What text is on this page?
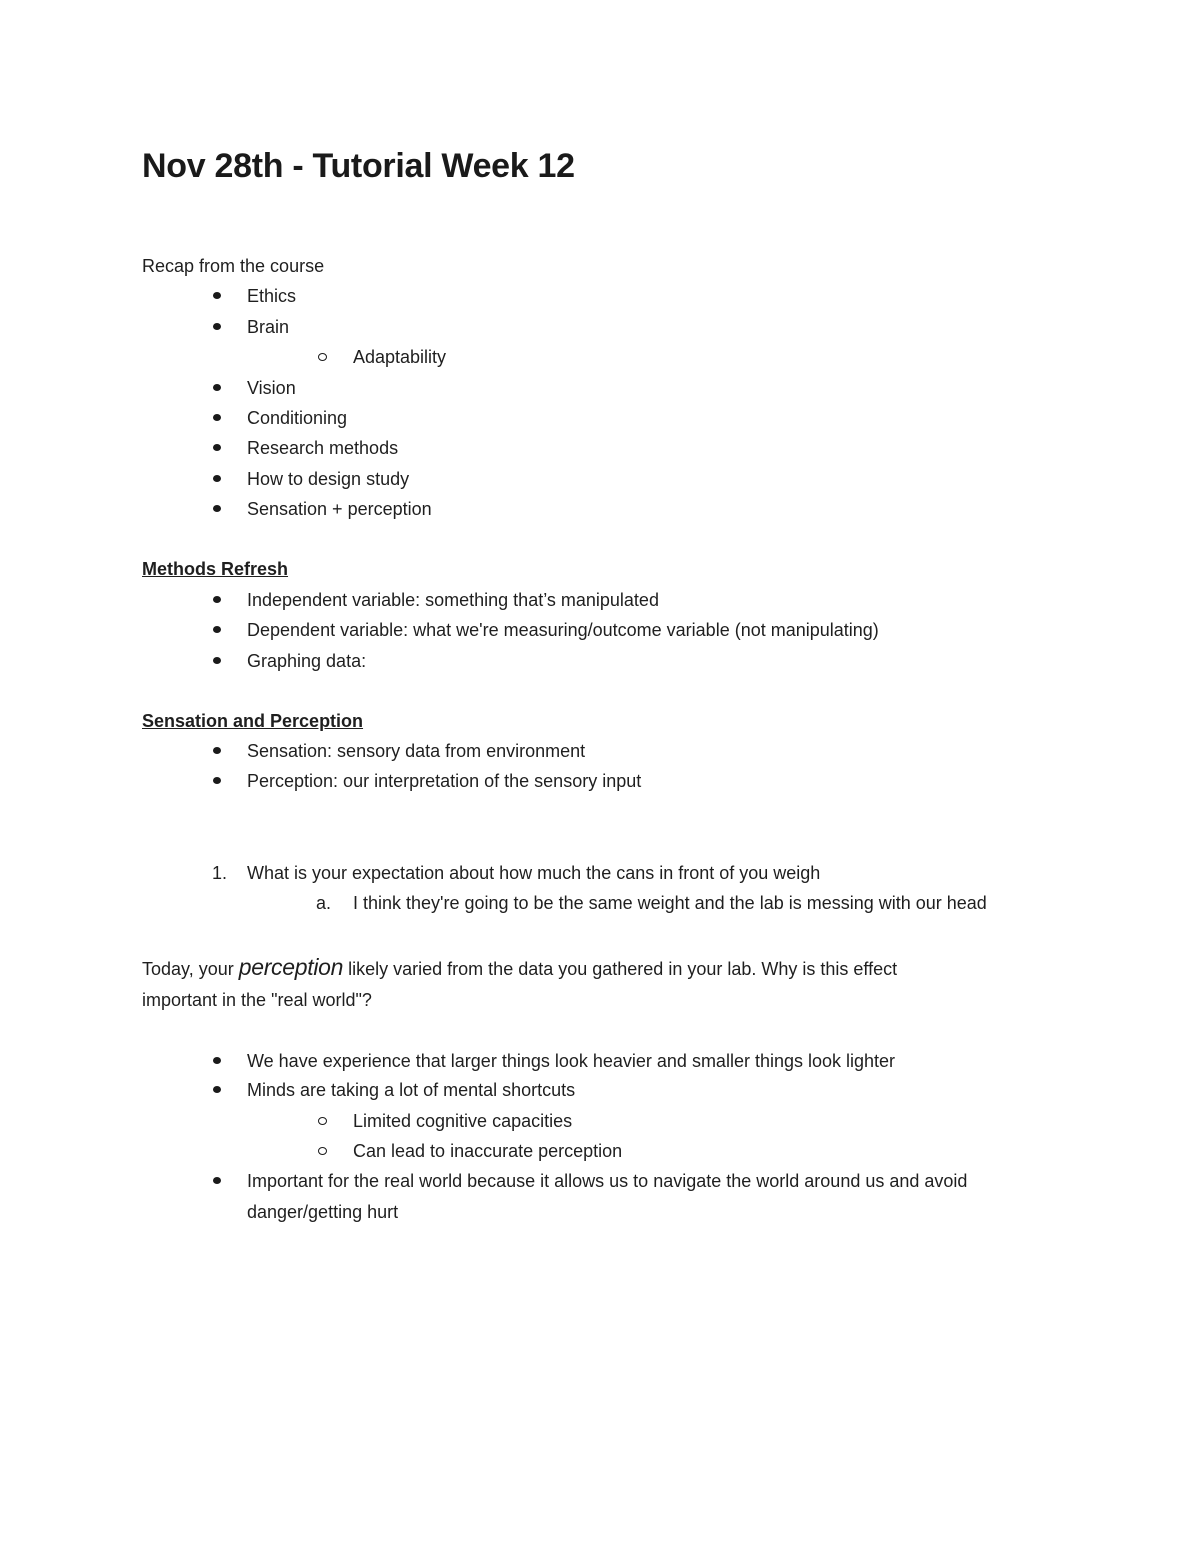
Nov 28th - Tutorial Week 12
Recap from the course
Ethics
Brain
Adaptability
Vision
Conditioning
Research methods
How to design study
Sensation + perception
Methods Refresh
Independent variable: something that’s manipulated
Dependent variable: what we're measuring/outcome variable (not manipulating)
Graphing data:
Sensation and Perception
Sensation: sensory data from environment
Perception: our interpretation of the sensory input
1. What is your expectation about how much the cans in front of you weigh
a. I think they're going to be the same weight and the lab is messing with our head
Today, your perception likely varied from the data you gathered in your lab. Why is this effect
important in the "real world"?
We have experience that larger things look heavier and smaller things look lighter
Minds are taking a lot of mental shortcuts
Limited cognitive capacities
Can lead to inaccurate perception
Important for the real world because it allows us to navigate the world around us and avoid
danger/getting hurt
